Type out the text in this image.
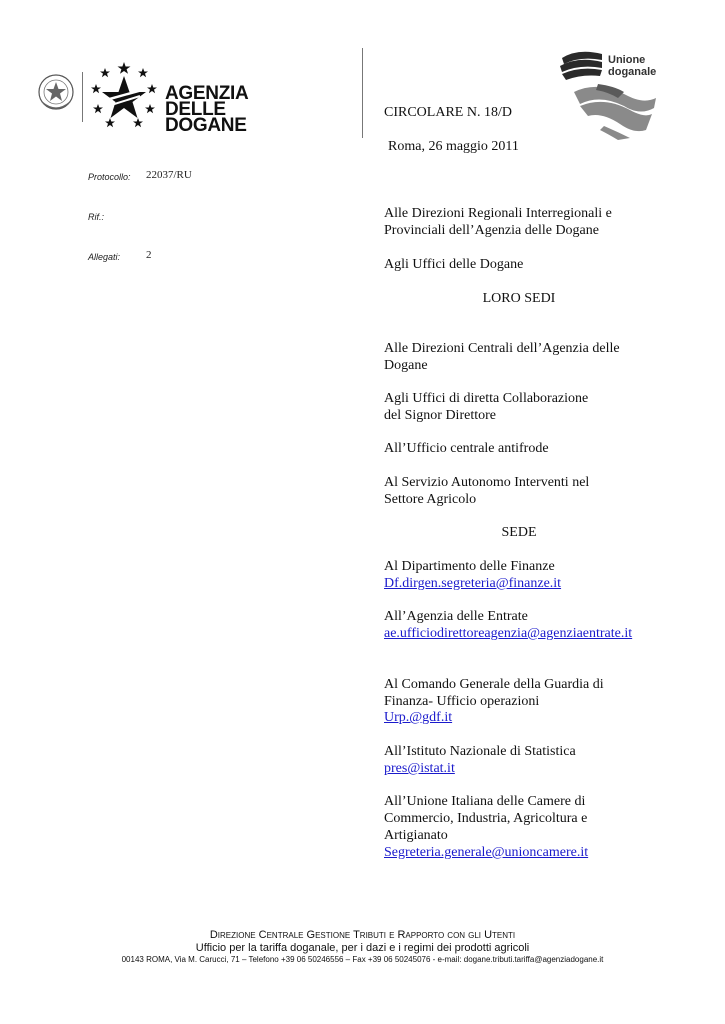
AGENZIA
DELLE
DOGANE
Unione
doganale
CIRCOLARE N. 18/D
Roma, 26 maggio 2011
Protocollo: 22037/RU
Rif.:
Allegati: 2
Alle Direzioni Regionali Interregionali e Provinciali dell’Agenzia delle Dogane
Agli Uffici delle Dogane
LORO SEDI
Alle Direzioni Centrali dell’Agenzia delle Dogane
Agli Uffici di diretta Collaborazione del Signor Direttore
All’Ufficio centrale antifrode
Al Servizio Autonomo Interventi nel Settore Agricolo
SEDE
Al Dipartimento delle Finanze
Df.dirgen.segreteria@finanze.it
All’Agenzia delle Entrate
ae.ufficiodirettoreagenzia@agenziaentrate.it
Al Comando Generale della Guardia di Finanza- Ufficio operazioni
Urp.@gdf.it
All’Istituto Nazionale di Statistica
pres@istat.it
All’Unione Italiana delle Camere di Commercio, Industria, Agricoltura e Artigianato
Segreteria.generale@unioncamere.it
Direzione Centrale Gestione Tributi e Rapporto con gli Utenti
Ufficio per la tariffa doganale, per i dazi e i regimi dei prodotti agricoli
00143 ROMA, Via M. Carucci, 71 – Telefono +39 06 50246556 – Fax +39 06 50245076 - e-mail: dogane.tributi.tariffa@agenziadogane.it
